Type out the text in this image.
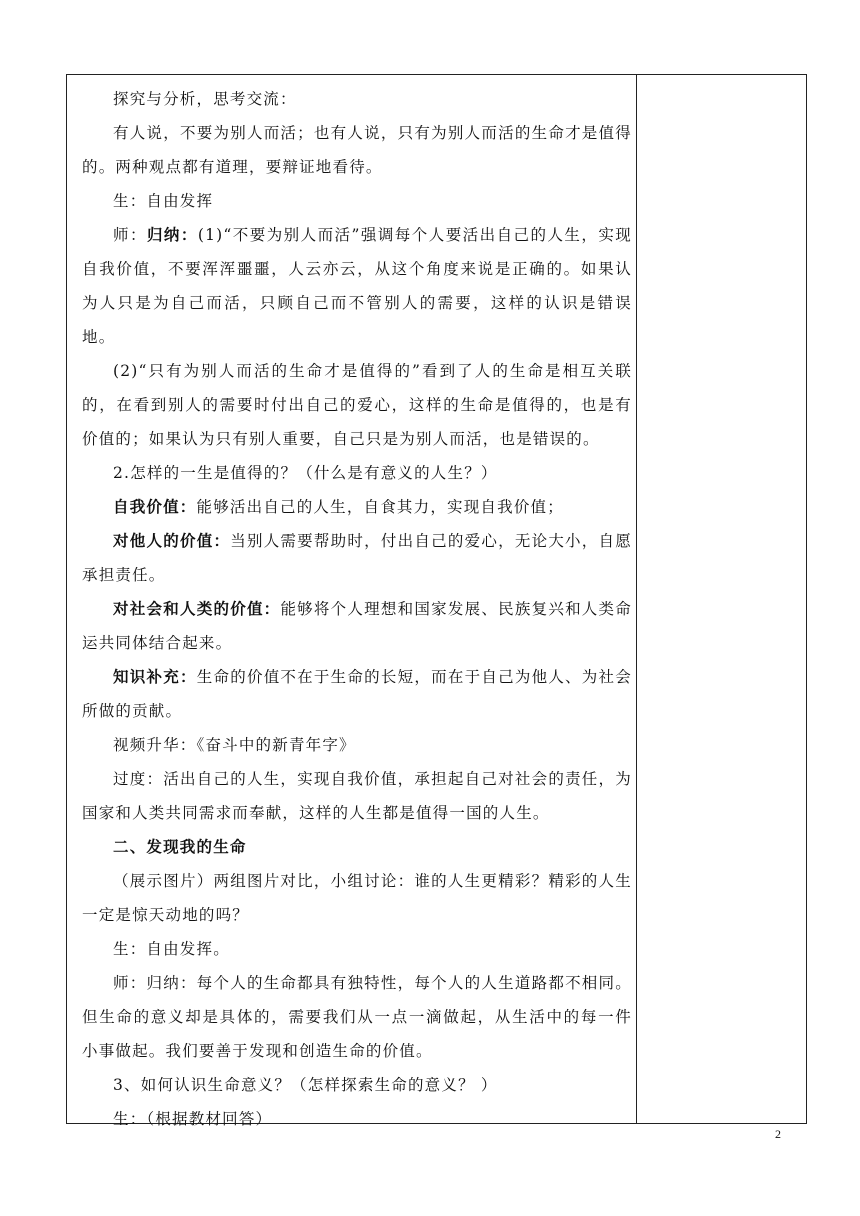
探究与分析，思考交流：

有人说，不要为别人而活；也有人说，只有为别人而活的生命才是值得的。两种观点都有道理，要辩证地看待。

生：自由发挥

师：归纳：(1)“不要为别人而活”强调每个人要活出自己的人生，实现自我价值，不要浑浑噩噩，人云亦云，从这个角度来说是正确的。如果认为人只是为自己而活，只顾自己而不管别人的需要，这样的认识是错误地。

(2)“只有为别人而活的生命才是值得的”看到了人的生命是相互关联的，在看到别人的需要时付出自己的爱心，这样的生命是值得的，也是有价值的；如果认为只有别人重要，自己只是为别人而活，也是错误的。

2.怎样的一生是值得的？（什么是有意义的人生？）

自我价值：能够活出自己的人生，自食其力，实现自我价值；

对他人的价值：当别人需要帮助时，付出自己的爱心，无论大小，自愿承担责任。

对社会和人类的价值：能够将个人理想和国家发展、民族复兴和人类命运共同体结合起来。

知识补充：生命的价值不在于生命的长短，而在于自己为他人、为社会所做的贡献。

视频升华：《奋斗中的新青年字》

过度：活出自己的人生，实现自我价值，承担起自己对社会的责任，为国家和人类共同需求而奉献，这样的人生都是值得一国的人生。

二、发现我的生命

（展示图片）两组图片对比，小组讨论：谁的人生更精彩？精彩的人生一定是惊天动地的吗？

生：自由发挥。

师：归纳：每个人的生命都具有独特性，每个人的人生道路都不相同。但生命的意义却是具体的，需要我们从一点一滴做起，从生活中的每一件小事做起。我们要善于发现和创造生命的价值。

3、如何认识生命意义？（怎样探索生命的意义？ ）

生：（根据教材回答）

2
